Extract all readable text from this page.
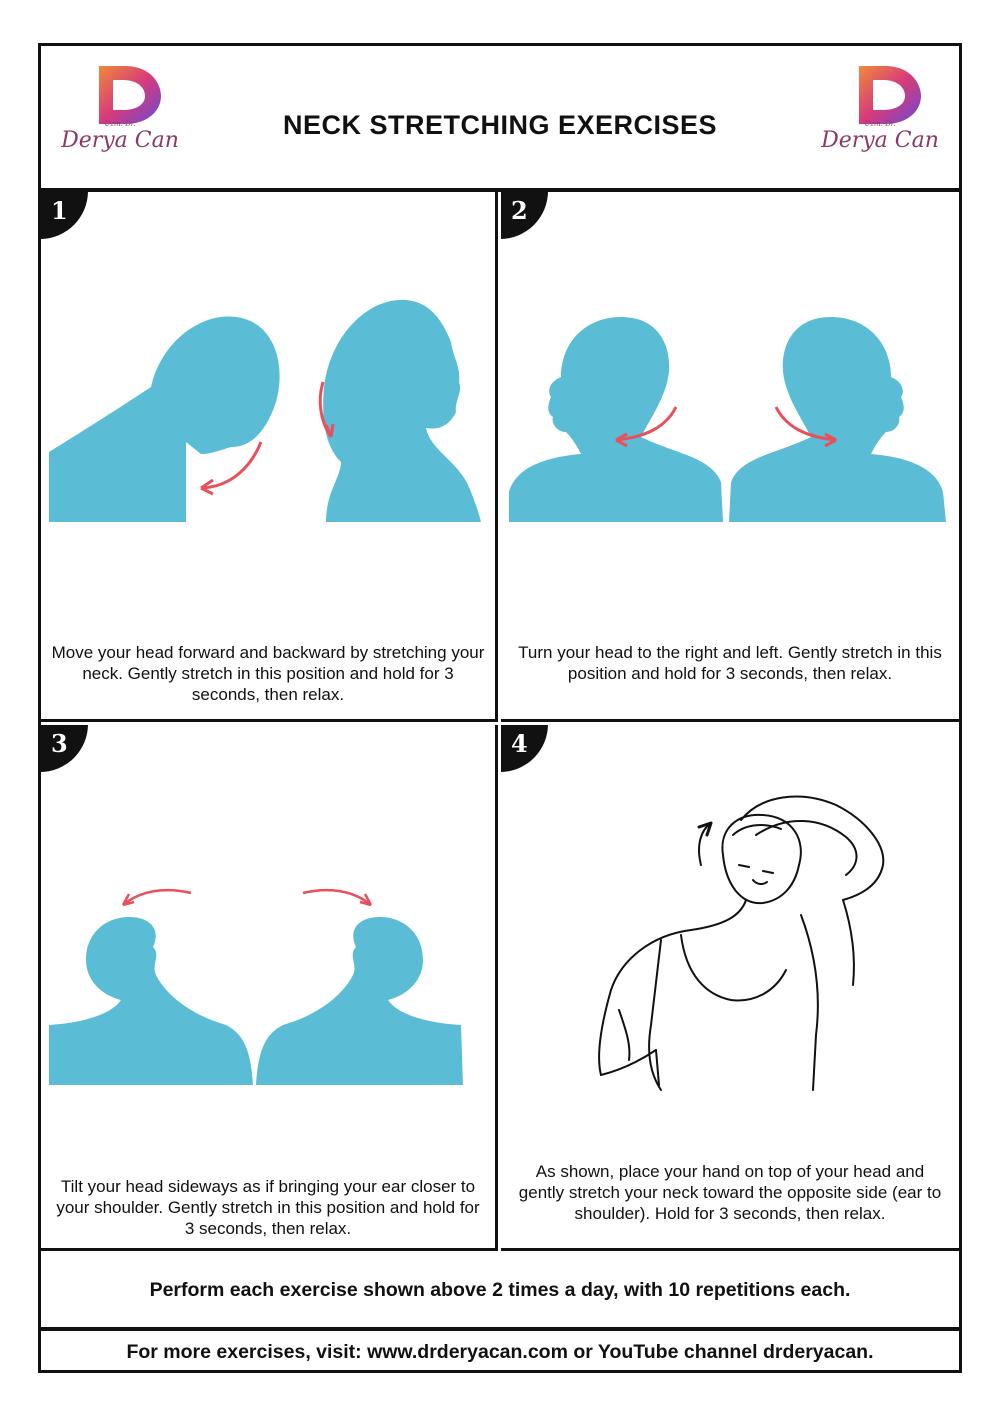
Uzm. Dr.
Derya Can
NECK STRETCHING EXERCISES	Uzm. Dr.
Derya Can
1
Move your head forward and backward by stretching your neck. Gently stretch in this position and hold for 3 seconds, then relax.
2
Turn your head to the right and left. Gently stretch in this position and hold for 3 seconds, then relax.
3
Tilt your head sideways as if bringing your ear closer to your shoulder. Gently stretch in this position and hold for 3 seconds, then relax.
4
As shown, place your hand on top of your head and gently stretch your neck toward the opposite side (ear to shoulder). Hold for 3 seconds, then relax.
Perform each exercise shown above 2 times a day, with 10 repetitions each.
For more exercises, visit: www.drderyacan.com or YouTube channel drderyacan.
